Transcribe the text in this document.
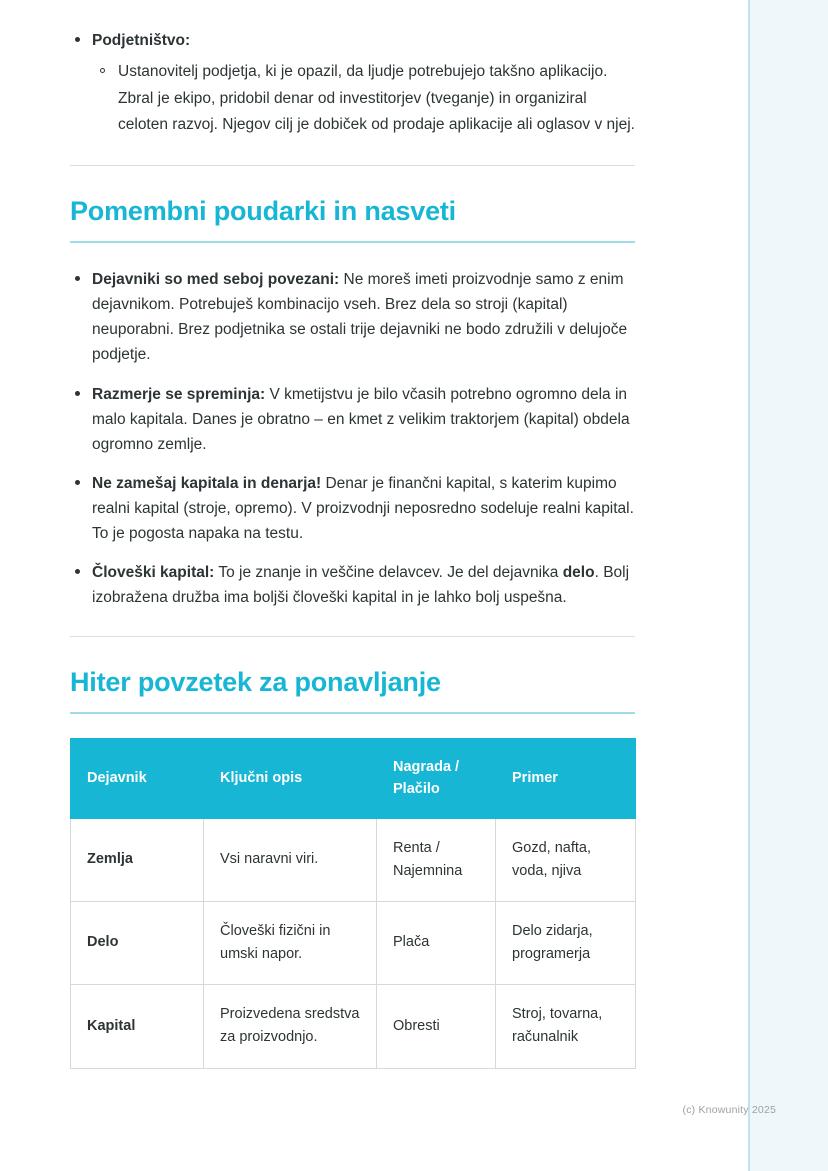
Podjetništvo:
Ustanovitelj podjetja, ki je opazil, da ljudje potrebujejo takšno aplikacijo. Zbral je ekipo, pridobil denar od investitorjev (tveganje) in organiziral celoten razvoj. Njegov cilj je dobiček od prodaje aplikacije ali oglasov v njej.
Pomembni poudarki in nasveti
Dejavniki so med seboj povezani: Ne moreš imeti proizvodnje samo z enim dejavnikom. Potrebuješ kombinacijo vseh. Brez dela so stroji (kapital) neuporabni. Brez podjetnika se ostali trije dejavniki ne bodo združili v delujoče podjetje.
Razmerje se spreminja: V kmetijstvu je bilo včasih potrebno ogromno dela in malo kapitala. Danes je obratno – en kmet z velikim traktorjem (kapital) obdela ogromno zemlje.
Ne zamešaj kapitala in denarja! Denar je finančni kapital, s katerim kupimo realni kapital (stroje, opremo). V proizvodnji neposredno sodeluje realni kapital. To je pogosta napaka na testu.
Človeški kapital: To je znanje in veščine delavcev. Je del dejavnika delo. Bolj izobražena družba ima boljši človeški kapital in je lahko bolj uspešna.
Hiter povzetek za ponavljanje
Dejavnik	Ključni opis	Nagrada / Plačilo	Primer
Zemlja	Vsi naravni viri.	Renta / Najemnina	Gozd, nafta, voda, njiva
Delo	Človeški fizični in umski napor.	Plača	Delo zidarja, programerja
Kapital	Proizvedena sredstva za proizvodnjo.	Obresti	Stroj, tovarna, računalnik
(c) Knowunity 2025
